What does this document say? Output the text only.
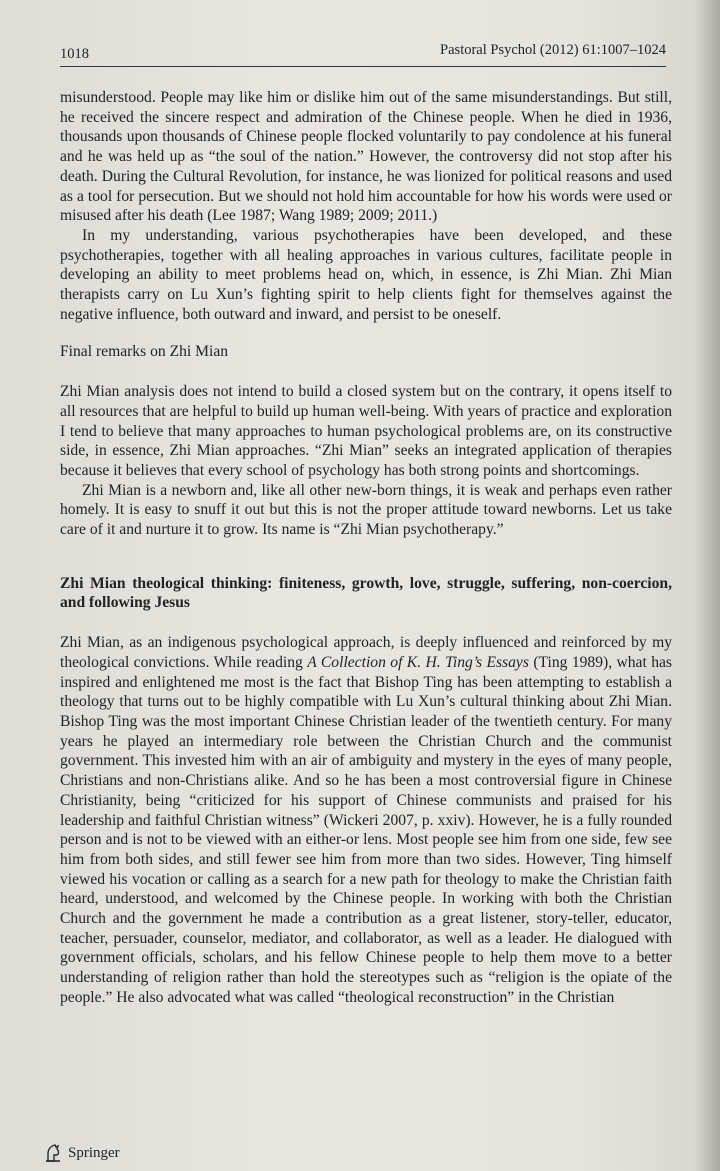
1018	Pastoral Psychol (2012) 61:1007–1024

misunderstood. People may like him or dislike him out of the same misunderstandings. But still, he received the sincere respect and admiration of the Chinese people. When he died in 1936, thousands upon thousands of Chinese people flocked voluntarily to pay condolence at his funeral and he was held up as “the soul of the nation.” However, the controversy did not stop after his death. During the Cultural Revolution, for instance, he was lionized for political reasons and used as a tool for persecution. But we should not hold him accountable for how his words were used or misused after his death (Lee 1987; Wang 1989; 2009; 2011.)

In my understanding, various psychotherapies have been developed, and these psychotherapies, together with all healing approaches in various cultures, facilitate people in developing an ability to meet problems head on, which, in essence, is Zhi Mian. Zhi Mian therapists carry on Lu Xun’s fighting spirit to help clients fight for themselves against the negative influence, both outward and inward, and persist to be oneself.

Final remarks on Zhi Mian

Zhi Mian analysis does not intend to build a closed system but on the contrary, it opens itself to all resources that are helpful to build up human well-being. With years of practice and exploration I tend to believe that many approaches to human psychological problems are, on its constructive side, in essence, Zhi Mian approaches. “Zhi Mian” seeks an integrated application of therapies because it believes that every school of psychology has both strong points and shortcomings.

Zhi Mian is a newborn and, like all other new-born things, it is weak and perhaps even rather homely. It is easy to snuff it out but this is not the proper attitude toward newborns. Let us take care of it and nurture it to grow. Its name is “Zhi Mian psychotherapy.”

Zhi Mian theological thinking: finiteness, growth, love, struggle, suffering, non-coercion, and following Jesus

Zhi Mian, as an indigenous psychological approach, is deeply influenced and reinforced by my theological convictions. While reading A Collection of K. H. Ting’s Essays (Ting 1989), what has inspired and enlightened me most is the fact that Bishop Ting has been attempting to establish a theology that turns out to be highly compatible with Lu Xun’s cultural thinking about Zhi Mian. Bishop Ting was the most important Chinese Christian leader of the twentieth century. For many years he played an intermediary role between the Christian Church and the communist government. This invested him with an air of ambiguity and mystery in the eyes of many people, Christians and non-Christians alike. And so he has been a most controversial figure in Chinese Christianity, being “criticized for his support of Chinese communists and praised for his leadership and faithful Christian witness” (Wickeri 2007, p. xxiv). However, he is a fully rounded person and is not to be viewed with an either-or lens. Most people see him from one side, few see him from both sides, and still fewer see him from more than two sides. However, Ting himself viewed his vocation or calling as a search for a new path for theology to make the Christian faith heard, understood, and welcomed by the Chinese people. In working with both the Christian Church and the government he made a contribution as a great listener, story-teller, educator, teacher, persuader, counselor, mediator, and collaborator, as well as a leader. He dialogued with government officials, scholars, and his fellow Chinese people to help them move to a better understanding of religion rather than hold the stereotypes such as “religion is the opiate of the people.” He also advocated what was called “theological reconstruction” in the Christian

Springer
